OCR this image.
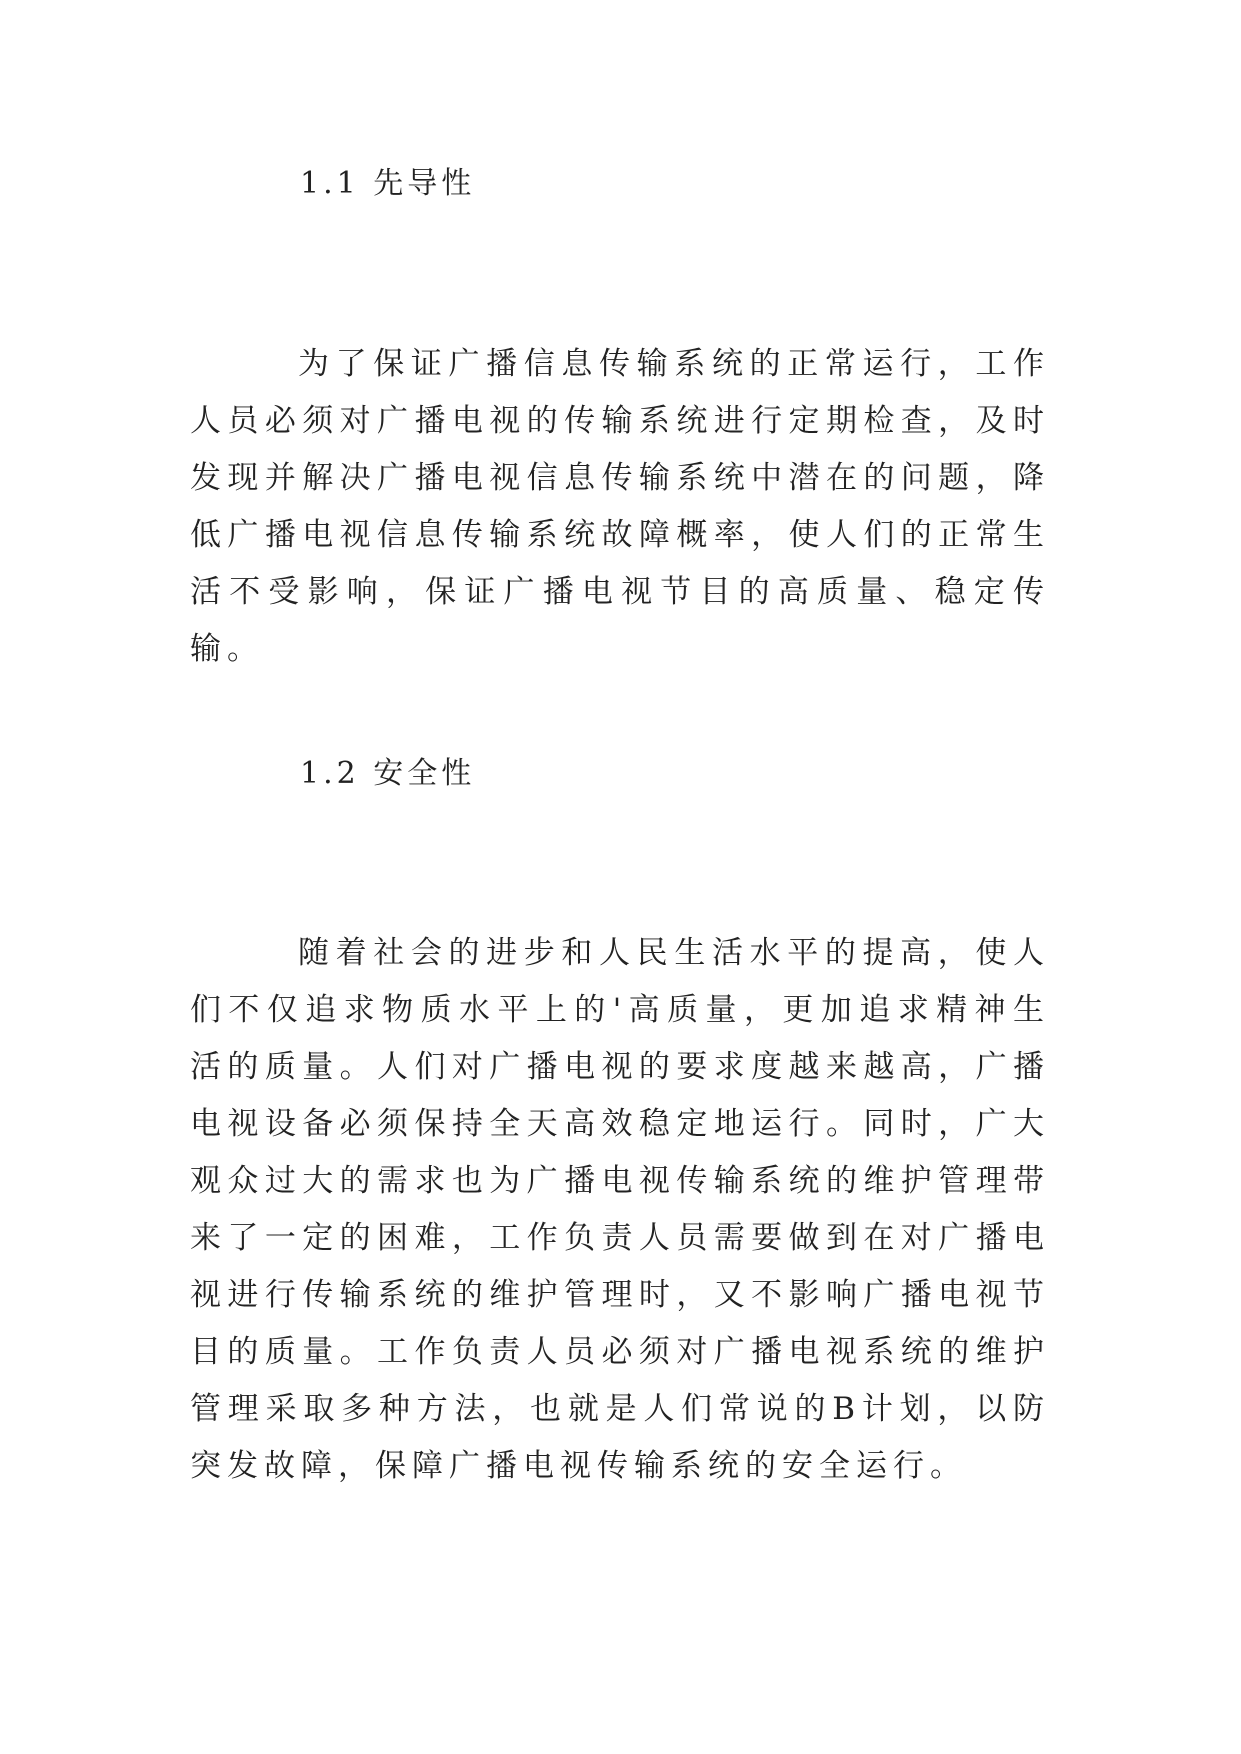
1.1 先导性

为了保证广播信息传输系统的正常运行，工作人员必须对广播电视的传输系统进行定期检查，及时发现并解决广播电视信息传输系统中潜在的问题，降低广播电视信息传输系统故障概率，使人们的正常生活不受影响，保证广播电视节目的高质量、稳定传输。

1.2 安全性

随着社会的进步和人民生活水平的提高，使人们不仅追求物质水平上的'高质量，更加追求精神生活的质量。人们对广播电视的要求度越来越高，广播电视设备必须保持全天高效稳定地运行。同时，广大观众过大的需求也为广播电视传输系统的维护管理带来了一定的困难，工作负责人员需要做到在对广播电视进行传输系统的维护管理时，又不影响广播电视节目的质量。工作负责人员必须对广播电视系统的维护管理采取多种方法，也就是人们常说的B计划，以防突发故障，保障广播电视传输系统的安全运行。
